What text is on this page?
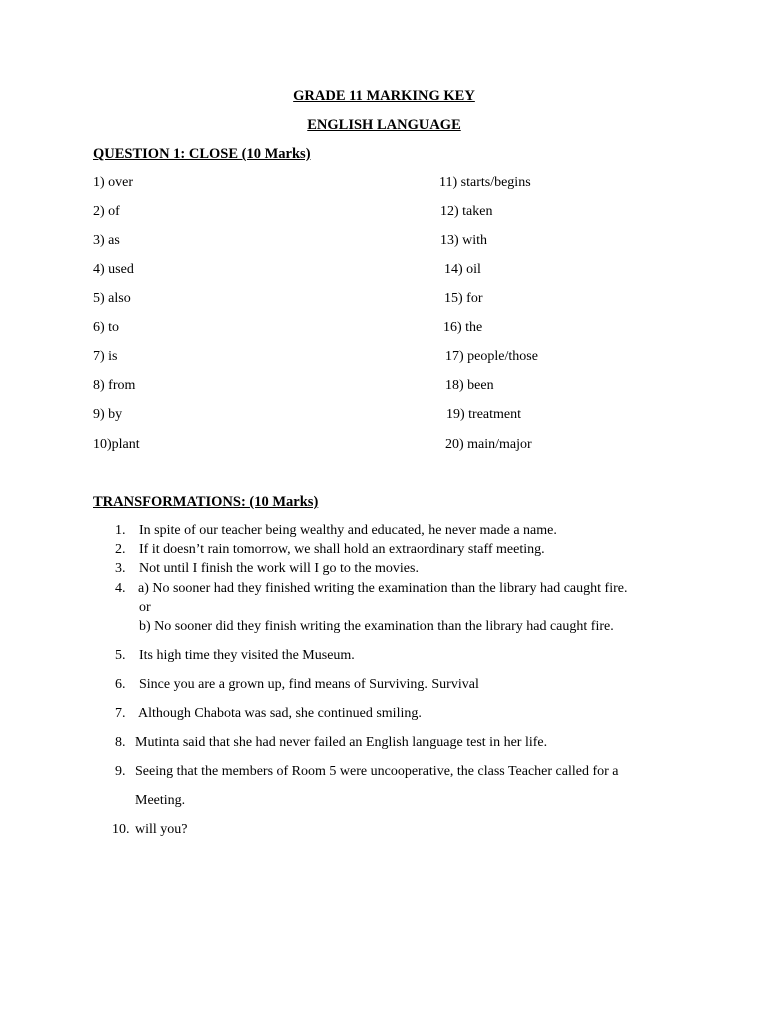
GRADE 11 MARKING KEY
ENGLISH LANGUAGE
QUESTION 1: CLOSE (10 Marks)
1) over
2) of
3) as
4) used
5) also
6) to
7) is
8) from
9) by
10)plant
11) starts/begins
12) taken
13) with
14) oil
15) for
16) the
17) people/those
18) been
19) treatment
20) main/major
TRANSFORMATIONS: (10 Marks)
1. In spite of our teacher being wealthy and educated, he never made a name.
2. If it doesn’t rain tomorrow, we shall hold an extraordinary staff meeting.
3. Not until I finish the work will I go to the movies.
4. a) No sooner had they finished writing the examination than the library had caught fire.
or
b) No sooner did they finish writing the examination than the library had caught fire.
5. Its high time they visited the Museum.
6. Since you are a grown up, find means of Surviving. Survival
7. Although Chabota was sad, she continued smiling.
8. Mutinta said that she had never failed an English language test in her life.
9. Seeing that the members of Room 5 were uncooperative, the class Teacher called for a
Meeting.
10. will you?
